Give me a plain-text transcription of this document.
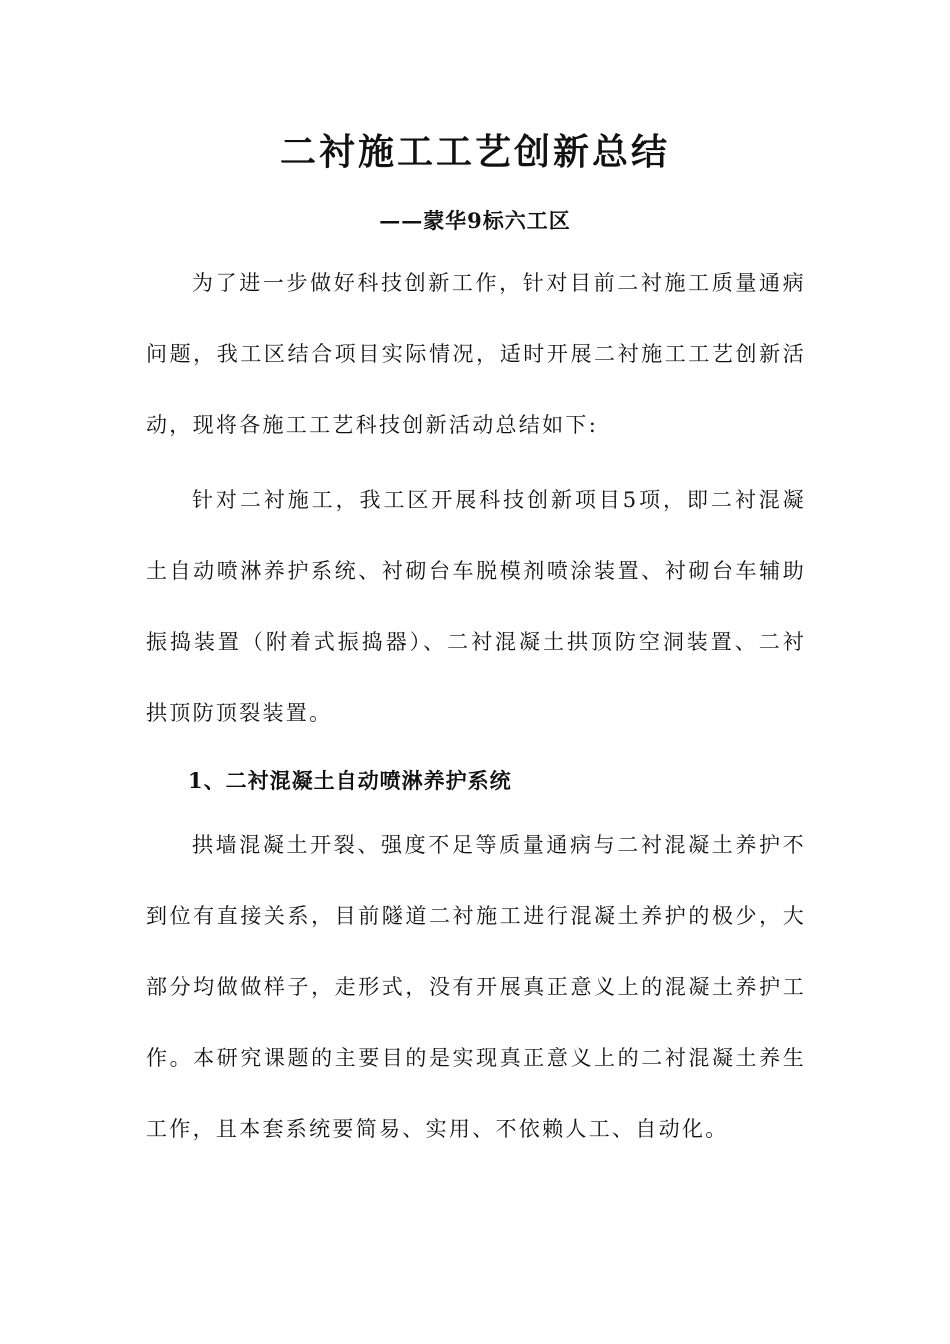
二衬施工工艺创新总结
——蒙华9标六工区

为了进一步做好科技创新工作，针对目前二衬施工质量通病问题，我工区结合项目实际情况，适时开展二衬施工工艺创新活动，现将各施工工艺科技创新活动总结如下:

针对二衬施工，我工区开展科技创新项目5项，即二衬混凝土自动喷淋养护系统、衬砌台车脱模剂喷涂装置、衬砌台车辅助振捣装置（附着式振捣器）、二衬混凝土拱顶防空洞装置、二衬拱顶防顶裂装置。

1、二衬混凝土自动喷淋养护系统

拱墙混凝土开裂、强度不足等质量通病与二衬混凝土养护不到位有直接关系，目前隧道二衬施工进行混凝土养护的极少，大部分均做做样子，走形式，没有开展真正意义上的混凝土养护工作。本研究课题的主要目的是实现真正意义上的二衬混凝土养生工作，且本套系统要简易、实用、不依赖人工、自动化。
